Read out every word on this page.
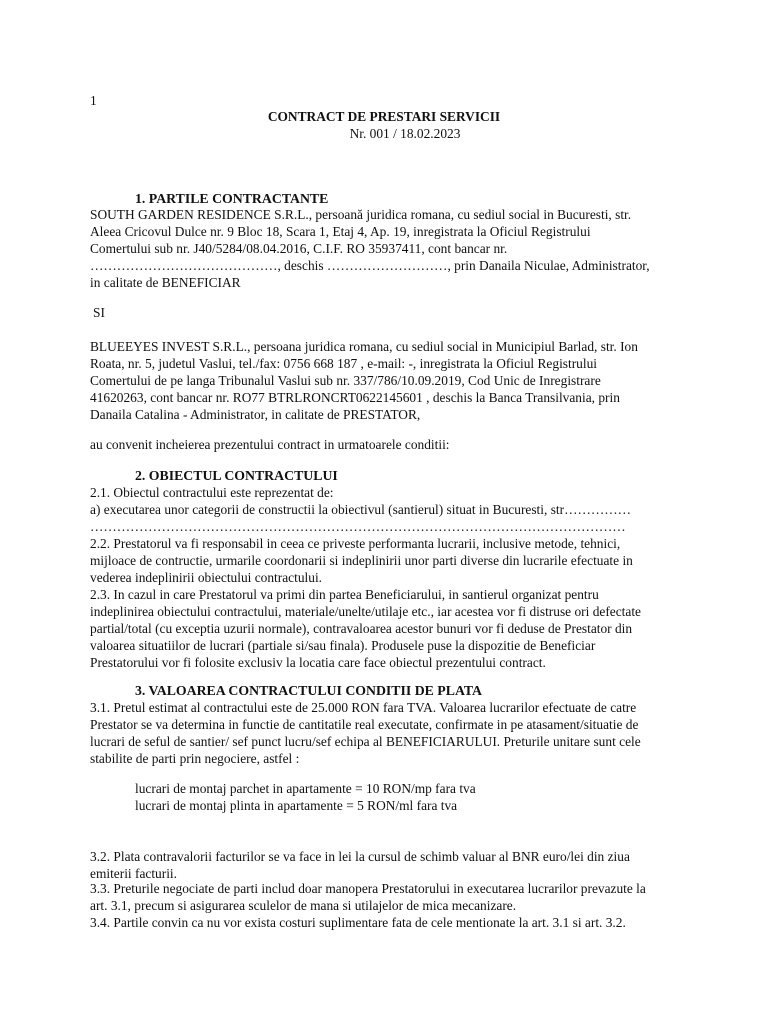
1
CONTRACT DE PRESTARI SERVICII
Nr. 001 / 18.02.2023
1. PARTILE CONTRACTANTE
SOUTH GARDEN RESIDENCE S.R.L., persoană juridica romana, cu sediul social in Bucuresti, str.
Aleea Cricovul Dulce nr. 9 Bloc 18, Scara 1, Etaj 4, Ap. 19, inregistrata la Oficiul Registrului
Comertului sub nr. J40/5284/08.04.2016, C.I.F. RO 35937411, cont bancar nr.
……………………………………, deschis ………………………, prin Danaila Niculae, Administrator,
in calitate de BENEFICIAR
SI
BLUEEYES INVEST S.R.L., persoana juridica romana, cu sediul social in Municipiul Barlad, str. Ion
Roata, nr. 5, judetul Vaslui, tel./fax: 0756 668 187 , e-mail: -, inregistrata la Oficiul Registrului
Comertului de pe langa Tribunalul Vaslui sub nr. 337/786/10.09.2019, Cod Unic de Inregistrare
41620263, cont bancar nr. RO77 BTRLRONCRT0622145601 , deschis la Banca Transilvania, prin
Danaila Catalina - Administrator, in calitate de PRESTATOR,
au convenit incheierea prezentului contract in urmatoarele conditii:
2. OBIECTUL CONTRACTULUI
2.1. Obiectul contractului este reprezentat de:
a) executarea unor categorii de constructii la obiectivul (santierul) situat in Bucuresti, str……………
…………………………………………………………………………………………………………
2.2. Prestatorul va fi responsabil in ceea ce priveste performanta lucrarii, inclusive metode, tehnici,
mijloace de contructie, urmarile coordonarii si indeplinirii unor parti diverse din lucrarile efectuate in
vederea indeplinirii obiectului contractului.
2.3. In cazul in care Prestatorul va primi din partea Beneficiarului, in santierul organizat pentru
indeplinirea obiectului contractului, materiale/unelte/utilaje etc., iar acestea vor fi distruse ori defectate
partial/total (cu exceptia uzurii normale), contravaloarea acestor bunuri vor fi deduse de Prestator din
valoarea situatiilor de lucrari (partiale si/sau finala). Produsele puse la dispozitie de Beneficiar
Prestatorului vor fi folosite exclusiv la locatia care face obiectul prezentului contract.
3. VALOAREA CONTRACTULUI CONDITII DE PLATA
3.1. Pretul estimat al contractului este de 25.000 RON fara TVA. Valoarea lucrarilor efectuate de catre
Prestator se va determina in functie de cantitatile real executate, confirmate in pe atasament/situatie de
lucrari de seful de santier/ sef punct lucru/sef echipa al BENEFICIARULUI. Preturile unitare sunt cele
stabilite de parti prin negociere, astfel :
lucrari de montaj parchet in apartamente = 10 RON/mp fara tva
lucrari de montaj plinta in apartamente = 5 RON/ml fara tva
3.2. Plata contravalorii facturilor se va face in lei la cursul de schimb valuar al BNR euro/lei din ziua
emiterii facturii.
3.3. Preturile negociate de parti includ doar manopera Prestatorului in executarea lucrarilor prevazute la
art. 3.1, precum si asigurarea sculelor de mana si utilajelor de mica mecanizare.
3.4. Partile convin ca nu vor exista costuri suplimentare fata de cele mentionate la art. 3.1 si art. 3.2.
